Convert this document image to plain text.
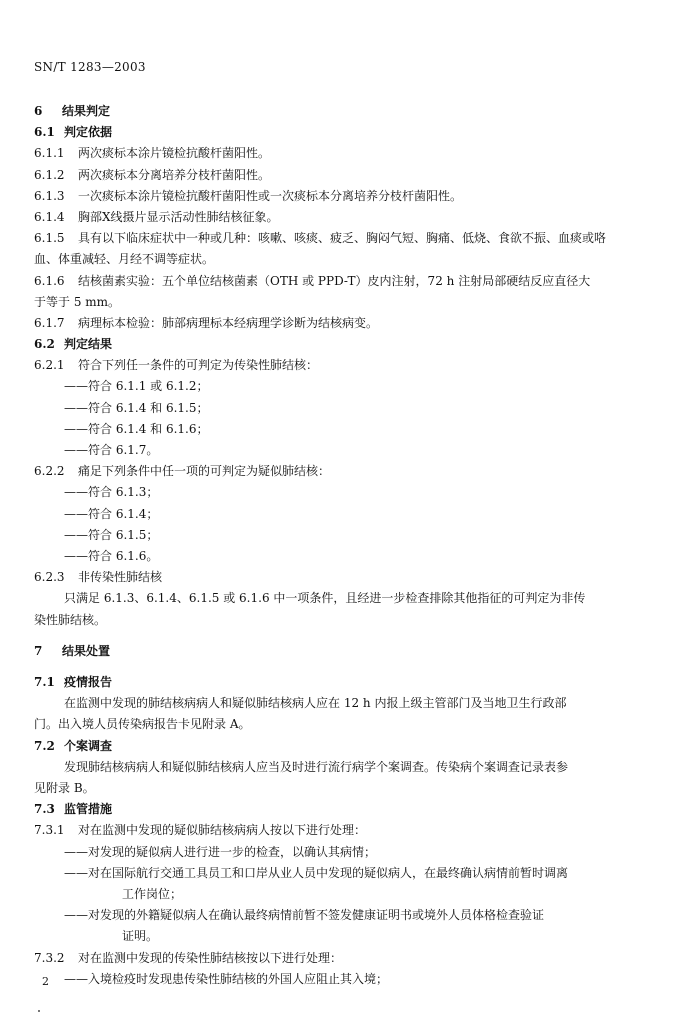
SN/T 1283—2003
6 结果判定
6.1 判定依据
6.1.1 两次痰标本涂片镜检抗酸杆菌阳性。
6.1.2 两次痰标本分离培养分枝杆菌阳性。
6.1.3 一次痰标本涂片镜检抗酸杆菌阳性或一次痰标本分离培养分枝杆菌阳性。
6.1.4 胸部X线摄片显示活动性肺结核征象。
6.1.5 具有以下临床症状中一种或几种：咳嗽、咳痰、疲乏、胸闷气短、胸痛、低烧、食欲不振、血痰或咯
血、体重减轻、月经不调等症状。
6.1.6 结核菌素实验：五个单位结核菌素（OTH 或 PPD-T）皮内注射，72 h 注射局部硬结反应直径大
于等于 5 mm。
6.1.7 病理标本检验：肺部病理标本经病理学诊断为结核病变。
6.2 判定结果
6.2.1 符合下列任一条件的可判定为传染性肺结核：
——符合 6.1.1 或 6.1.2；
——符合 6.1.4 和 6.1.5；
——符合 6.1.4 和 6.1.6；
——符合 6.1.7。
6.2.2 痛足下列条件中任一项的可判定为疑似肺结核：
——符合 6.1.3；
——符合 6.1.4；
——符合 6.1.5；
——符合 6.1.6。
6.2.3 非传染性肺结核
只满足 6.1.3、6.1.4、6.1.5 或 6.1.6 中一项条件，且经进一步检查排除其他指征的可判定为非传
染性肺结核。
7 结果处置
7.1 疫情报告
在监测中发现的肺结核病病人和疑似肺结核病人应在 12 h 内报上级主管部门及当地卫生行政部
门。出入境人员传染病报告卡见附录 A。
7.2 个案调查
发现肺结核病病人和疑似肺结核病人应当及时进行流行病学个案调查。传染病个案调查记录表参
见附录 B。
7.3 监管措施
7.3.1 对在监测中发现的疑似肺结核病病人按以下进行处理：
——对发现的疑似病人进行进一步的检查，以确认其病情；
——对在国际航行交通工具员工和口岸从业人员中发现的疑似病人，在最终确认病情前暂时调离
工作岗位；
——对发现的外籍疑似病人在确认最终病情前暂不签发健康证明书或境外人员体格检查验证
证明。
7.3.2 对在监测中发现的传染性肺结核按以下进行处理：
——入境检疫时发现患传染性肺结核的外国人应阻止其入境；
2
